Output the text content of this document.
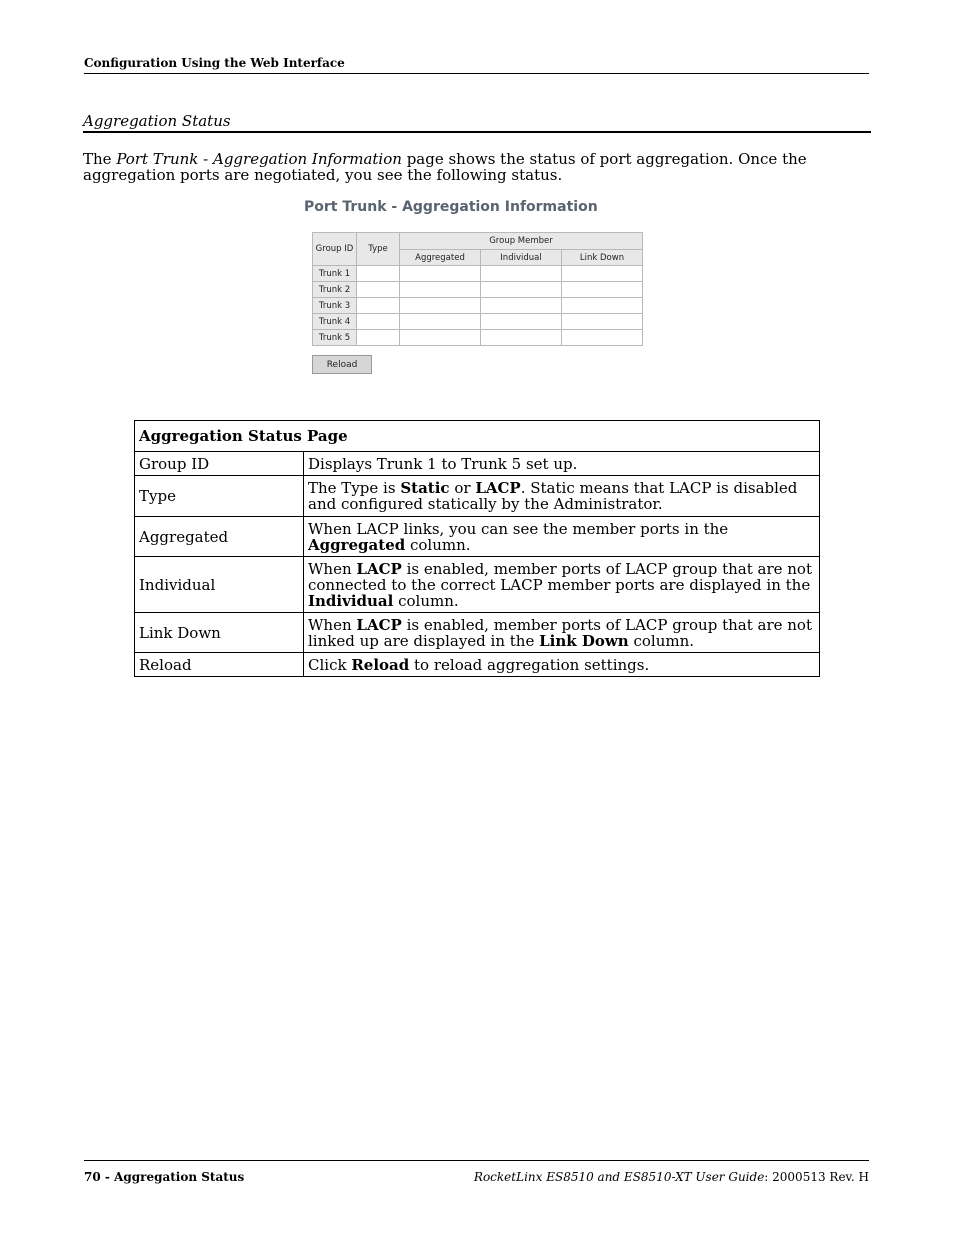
Configuration Using the Web Interface
Aggregation Status
The Port Trunk - Aggregation Information page shows the status of port aggregation. Once the aggregation ports are negotiated, you see the following status.
Port Trunk - Aggregation Information
Group ID	Type	Group Member		
		Aggregated	Individual	Link Down
Trunk 1				
Trunk 2				
Trunk 3				
Trunk 4				
Trunk 5				
Reload
Aggregation Status Page	
Group ID	Displays Trunk 1 to Trunk 5 set up.
Type	The Type is Static or LACP. Static means that LACP is disabled and configured statically by the Administrator.
Aggregated	When LACP links, you can see the member ports in the Aggregated column.
Individual	When LACP is enabled, member ports of LACP group that are not connected to the correct LACP member ports are displayed in the Individual column.
Link Down	When LACP is enabled, member ports of LACP group that are not linked up are displayed in the Link Down column.
Reload	Click Reload to reload aggregation settings.
70 - Aggregation Status	RocketLinx ES8510 and ES8510-XT User Guide: 2000513 Rev. H
